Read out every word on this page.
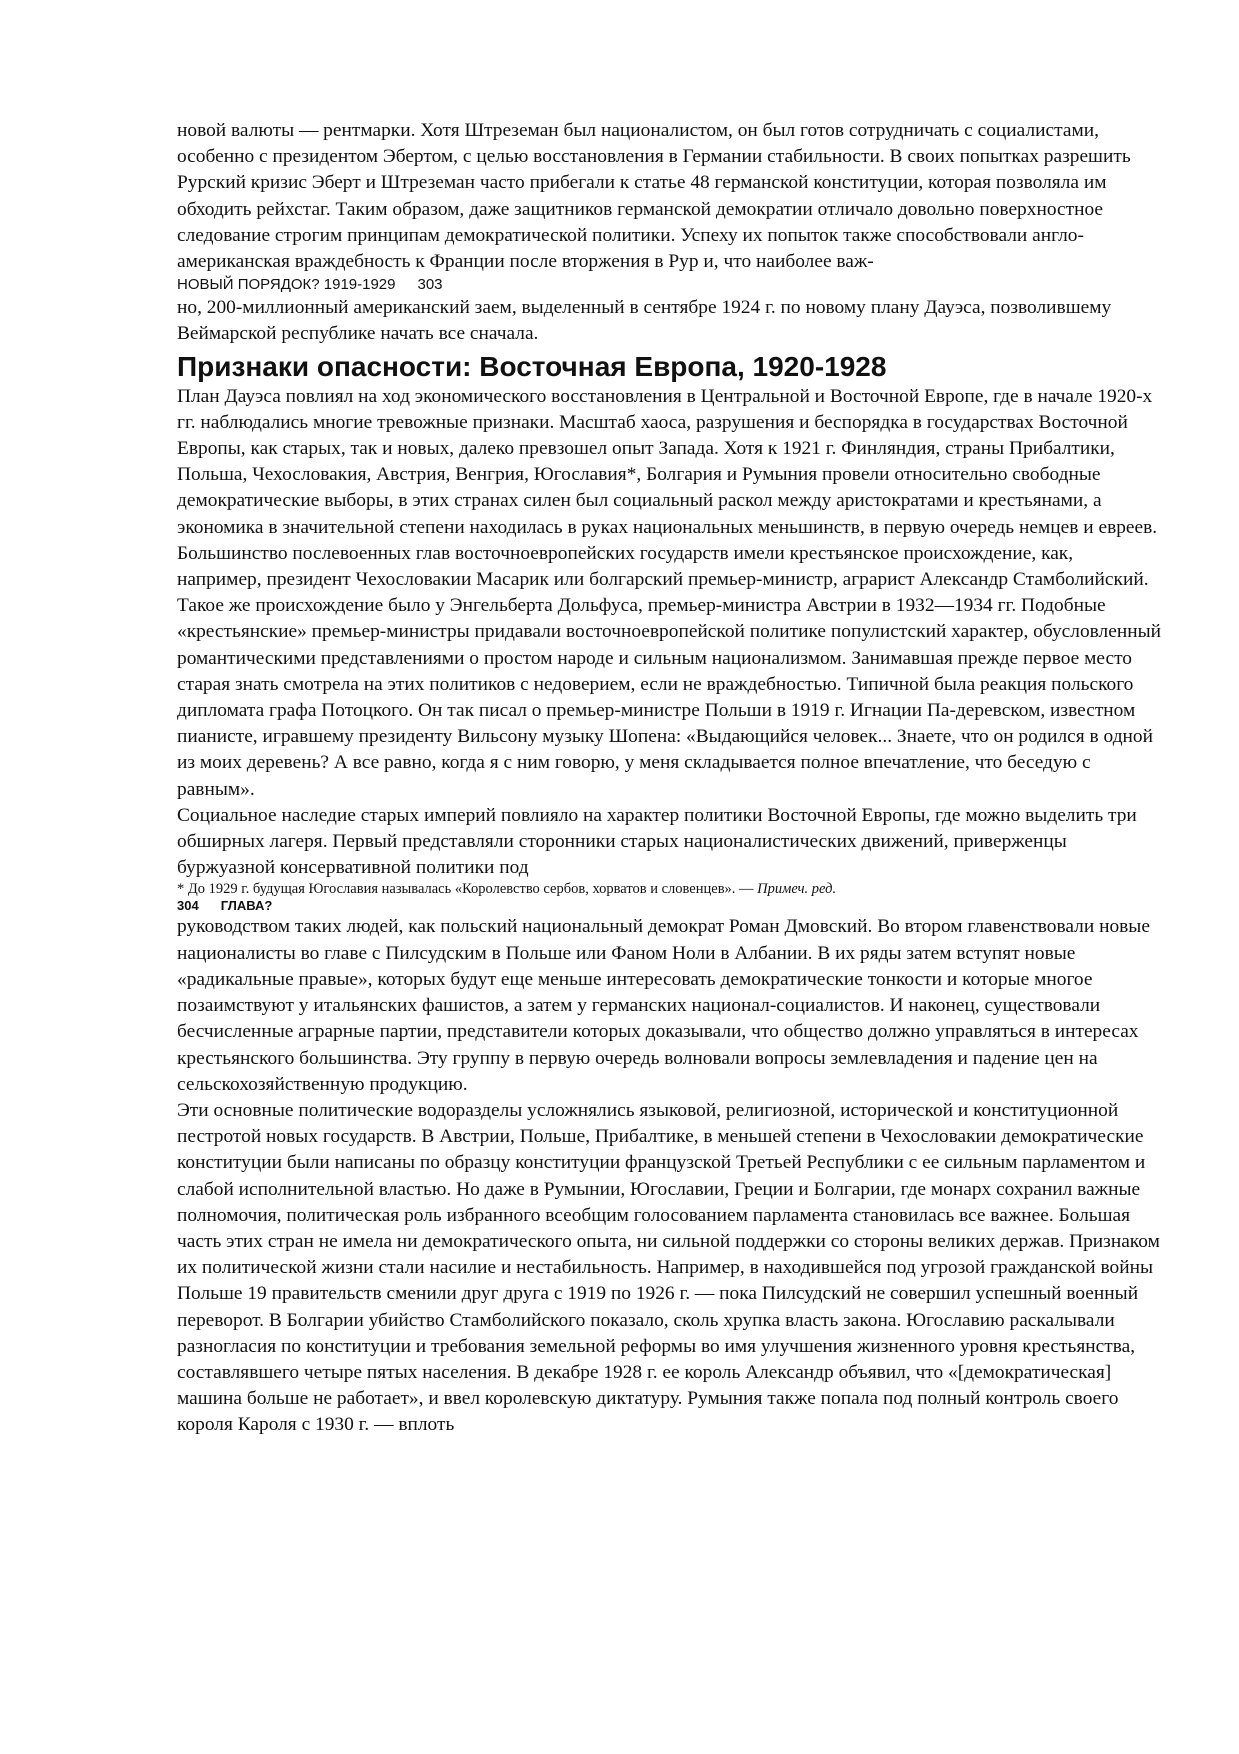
новой валюты — рентмарки. Хотя Штреземан был националистом, он был готов сотрудничать с социалистами, особенно с президентом Эбертом, с целью восстановления в Германии стабильности. В своих попытках разрешить Рурский кризис Эберт и Штреземан часто прибегали к статье 48 германской конституции, которая позволяла им обходить рейхстаг. Таким образом, даже защитников германской демократии отличало довольно поверхностное следование строгим принципам демократической политики. Успеху их попыток также способствовали англо-американская враждебность к Франции после вторжения в Рур и, что наиболее важ-

НОВЫЙ ПОРЯДОК? 1919-1929 303

но, 200-миллионный американский заем, выделенный в сентябре 1924 г. по новому плану Дауэса, позволившему Веймарской республике начать все сначала.

Признаки опасности: Восточная Европа, 1920-1928

План Дауэса повлиял на ход экономического восстановления в Центральной и Восточной Европе, где в начале 1920-х гг. наблюдались многие тревожные признаки. Масштаб хаоса, разрушения и беспорядка в государствах Восточной Европы, как старых, так и новых, далеко превзошел опыт Запада. Хотя к 1921 г. Финляндия, страны Прибалтики, Польша, Чехословакия, Австрия, Венгрия, Югославия*, Болгария и Румыния провели относительно свободные демократические выборы, в этих странах силен был социальный раскол между аристократами и крестьянами, а экономика в значительной степени находилась в руках национальных меньшинств, в первую очередь немцев и евреев. Большинство послевоенных глав восточноевропейских государств имели крестьянское происхождение, как, например, президент Чехословакии Масарик или болгарский премьер-министр, аграрист Александр Стамболийский. Такое же происхождение было у Энгельберта Дольфуса, премьер-министра Австрии в 1932—1934 гг. Подобные «крестьянские» премьер-министры придавали восточноевропейской политике популистский характер, обусловленный романтическими представлениями о простом народе и сильным национализмом. Занимавшая прежде первое место старая знать смотрела на этих политиков с недоверием, если не враждебностью. Типичной была реакция польского дипломата графа Потоцкого. Он так писал о премьер-министре Польши в 1919 г. Игнации Па-деревском, известном пианисте, игравшему президенту Вильсону музыку Шопена: «Выдающийся человек... Знаете, что он родился в одной из моих деревень? А все равно, когда я с ним говорю, у меня складывается полное впечатление, что беседую с равным».

Социальное наследие старых империй повлияло на характер политики Восточной Европы, где можно выделить три обширных лагеря. Первый представляли сторонники старых националистических движений, приверженцы буржуазной консервативной политики под

* До 1929 г. будущая Югославия называлась «Королевство сербов, хорватов и словенцев». — Примеч. ред.

304 ГЛАВА?

руководством таких людей, как польский национальный демократ Роман Дмовский. Во втором главенствовали новые националисты во главе с Пилсудским в Польше или Фаном Ноли в Албании. В их ряды затем вступят новые «радикальные правые», которых будут еще меньше интересовать демократические тонкости и которые многое позаимствуют у итальянских фашистов, а затем у германских национал-социалистов. И наконец, существовали бесчисленные аграрные партии, представители которых доказывали, что общество должно управляться в интересах крестьянского большинства. Эту группу в первую очередь волновали вопросы землевладения и падение цен на сельскохозяйственную продукцию.

Эти основные политические водоразделы усложнялись языковой, религиозной, исторической и конституционной пестротой новых государств. В Австрии, Польше, Прибалтике, в меньшей степени в Чехословакии демократические конституции были написаны по образцу конституции французской Третьей Республики с ее сильным парламентом и слабой исполнительной властью. Но даже в Румынии, Югославии, Греции и Болгарии, где монарх сохранил важные полномочия, политическая роль избранного всеобщим голосованием парламента становилась все важнее. Большая часть этих стран не имела ни демократического опыта, ни сильной поддержки со стороны великих держав. Признаком их политической жизни стали насилие и нестабильность. Например, в находившейся под угрозой гражданской войны Польше 19 правительств сменили друг друга с 1919 по 1926 г. — пока Пилсудский не совершил успешный военный переворот. В Болгарии убийство Стамболийского показало, сколь хрупка власть закона. Югославию раскалывали разногласия по конституции и требования земельной реформы во имя улучшения жизненного уровня крестьянства, составлявшего четыре пятых населения. В декабре 1928 г. ее король Александр объявил, что «[демократическая] машина больше не работает», и ввел королевскую диктатуру. Румыния также попала под полный контроль своего короля Кароля с 1930 г. — вплоть
